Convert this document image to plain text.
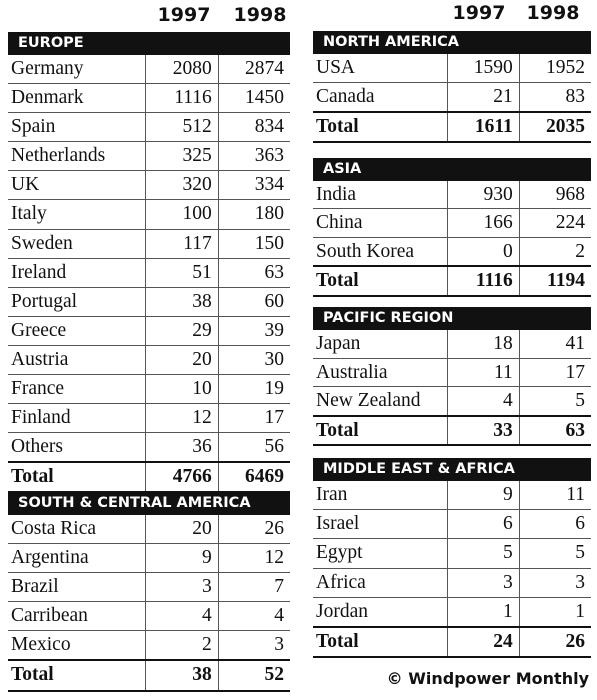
1997 1998	1997 1998
EUROPE
Germany	2080	2874
Denmark	1116	1450
Spain	512	834
Netherlands	325	363
UK	320	334
Italy	100	180
Sweden	117	150
Ireland	51	63
Portugal	38	60
Greece	29	39
Austria	20	30
France	10	19
Finland	12	17
Others	36	56
Total	4766	6469
SOUTH & CENTRAL AMERICA
Costa Rica	20	26
Argentina	9	12
Brazil	3	7
Carribean	4	4
Mexico	2	3
Total	38	52
NORTH AMERICA
USA	1590	1952
Canada	21	83
Total	1611	2035
ASIA
India	930	968
China	166	224
South Korea	0	2
Total	1116	1194
PACIFIC REGION
Japan	18	41
Australia	11	17
New Zealand	4	5
Total	33	63
MIDDLE EAST & AFRICA
Iran	9	11
Israel	6	6
Egypt	5	5
Africa	3	3
Jordan	1	1
Total	24	26
© Windpower Monthly
